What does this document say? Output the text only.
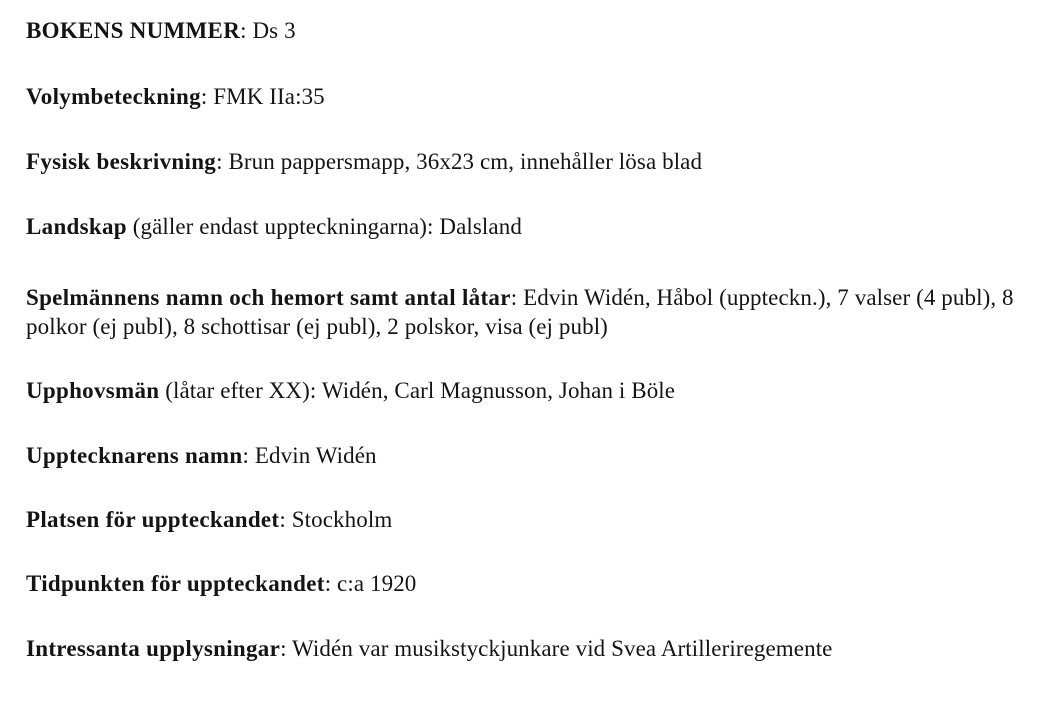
BOKENS NUMMER: Ds 3
Volymbeteckning: FMK IIa:35
Fysisk beskrivning: Brun pappersmapp, 36x23 cm, innehåller lösa blad
Landskap (gäller endast uppteckningarna): Dalsland
Spelmännens namn och hemort samt antal låtar: Edvin Widén, Håbol (uppteckn.), 7 valser (4 publ), 8 polkor (ej publ), 8 schottisar (ej publ), 2 polskor, visa (ej publ)
Upphovsmän (låtar efter XX): Widén, Carl Magnusson, Johan i Böle
Upptecknarens namn: Edvin Widén
Platsen för uppteckandet: Stockholm
Tidpunkten för uppteckandet: c:a 1920
Intressanta upplysningar: Widén var musikstyckjunkare vid Svea Artilleriregemente
